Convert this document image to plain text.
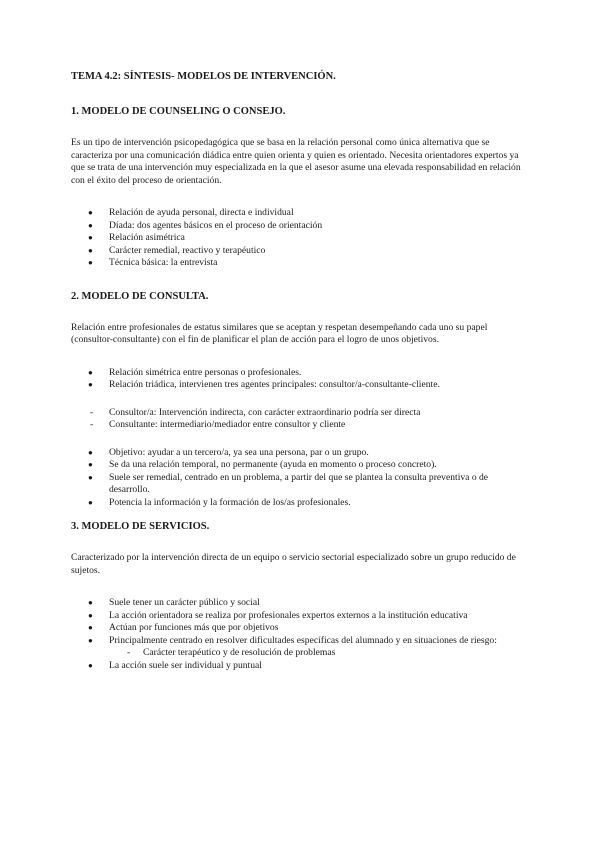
TEMA 4.2: SÍNTESIS- MODELOS DE INTERVENCIÓN.
1. MODELO DE COUNSELING O CONSEJO.
Es un tipo de intervención psicopedagógica que se basa en la relación personal como única alternativa que se caracteriza por una comunicación diádica entre quien orienta y quien es orientado. Necesita orientadores expertos ya que se trata de una intervención muy especializada en la que el asesor asume una elevada responsabilidad en relación con el éxito del proceso de orientación.
● Relación de ayuda personal, directa e individual
● Díada: dos agentes básicos en el proceso de orientación
● Relación asimétrica
● Carácter remedial, reactivo y terapéutico
● Técnica básica: la entrevista
2. MODELO DE CONSULTA.
Relación entre profesionales de estatus similares que se aceptan y respetan desempeñando cada uno su papel (consultor-consultante) con el fin de planificar el plan de acción para el logro de unos objetivos.
● Relación simétrica entre personas o profesionales.
● Relación triádica, intervienen tres agentes principales: consultor/a-consultante-cliente.
- Consultor/a: Intervención indirecta, con carácter extraordinario podría ser directa
- Consultante: intermediario/mediador entre consultor y cliente
● Objetivo: ayudar a un tercero/a, ya sea una persona, par o un grupo.
● Se da una relación temporal, no permanente (ayuda en momento o proceso concreto).
● Suele ser remedial, centrado en un problema, a partir del que se plantea la consulta preventiva o de desarrollo.
● Potencia la información y la formación de los/as profesionales.
3. MODELO DE SERVICIOS.
Caracterizado por la intervención directa de un equipo o servicio sectorial especializado sobre un grupo reducido de sujetos.
● Suele tener un carácter público y social
● La acción orientadora se realiza por profesionales expertos externos a la institución educativa
● Actúan por funciones más que por objetivos
● Principalmente centrado en resolver dificultades específicas del alumnado y en situaciones de riesgo:
- Carácter terapéutico y de resolución de problemas
● La acción suele ser individual y puntual
